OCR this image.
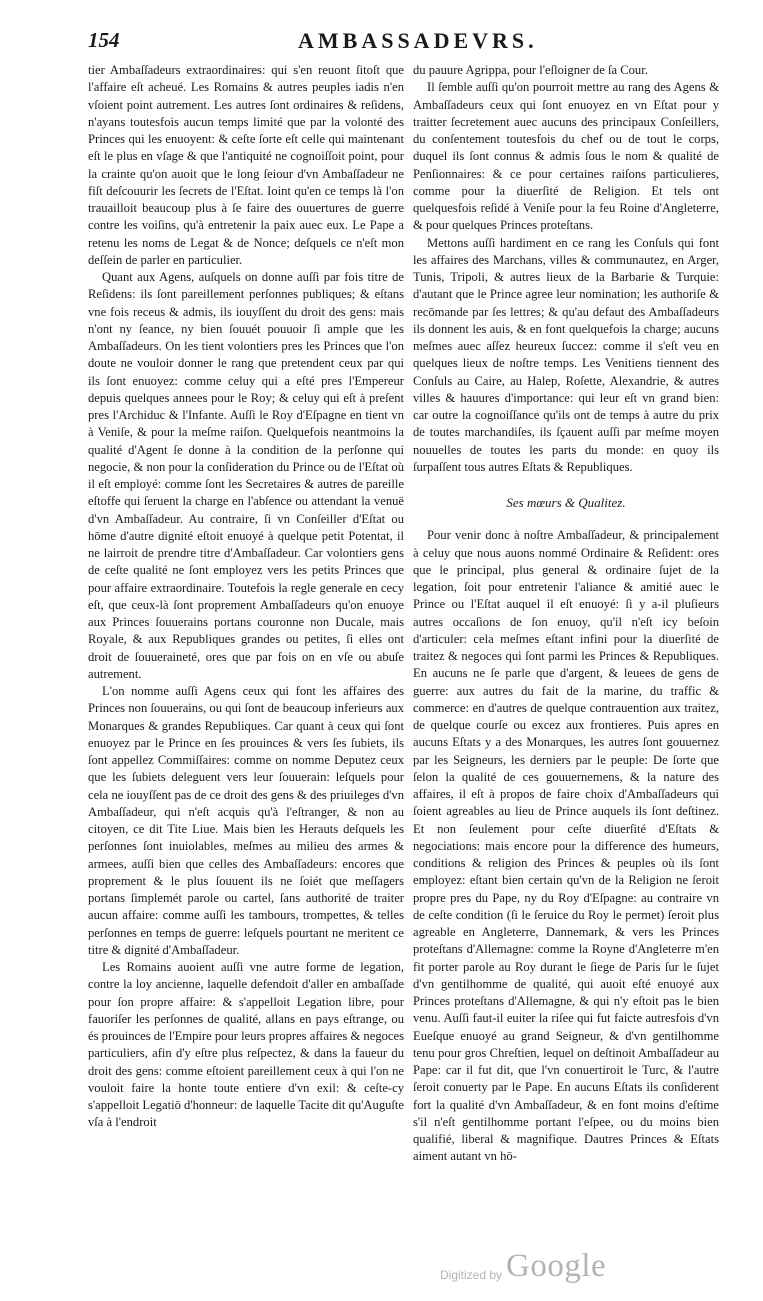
154	AMBASSADEVRS.

tier Ambaſſadeurs extraordinaires: qui s'en reuont ſitoſt que l'affaire eſt acheué. Les Romains & autres peuples iadis n'en vſoient point autrement. Les autres ſont ordinaires & reſidens, n'ayans toutesfois aucun temps limité que par la volonté des Princes qui les enuoyent: & ceſte ſorte eſt celle qui maintenant eſt le plus en vſage & que l'antiquité ne cognoiſſoit point, pour la crainte qu'on auoit que le long ſeiour d'vn Ambaſſadeur ne fiſt deſcouurir les ſecrets de l'Eſtat. Ioint qu'en ce temps là l'on trauailloit beaucoup plus à ſe faire des ouuertures de guerre contre les voiſins, qu'à entretenir la paix auec eux. Le Pape a retenu les noms de Legat & de Nonce; deſquels ce n'eſt mon deſſein de parler en particulier.

Quant aux Agens, auſquels on donne auſſi par fois titre de Reſidens: ils ſont pareillement perſonnes publiques; & eſtans vne fois receus & admis, ils iouyſſent du droit des gens: mais n'ont ny ſeance, ny bien ſouuét pouuoir ſi ample que les Ambaſſadeurs. On les tient volontiers pres les Princes que l'on doute ne vouloir donner le rang que pretendent ceux par qui ils ſont enuoyez: comme celuy qui a eſté pres l'Empereur depuis quelques annees pour le Roy; & celuy qui eſt à preſent pres l'Archiduc & l'Infante. Auſſi le Roy d'Eſpagne en tient vn à Veniſe, & pour la meſme raiſon. Quelquefois neantmoins la qualité d'Agent ſe donne à la condition de la perſonne qui negocie, & non pour la conſideration du Prince ou de l'Eſtat où il eſt employé: comme ſont les Secretaires & autres de pareille eſtoffe qui ſeruent la charge en l'abſence ou attendant la venuë d'vn Ambaſſadeur. Au contraire, ſi vn Conſeiller d'Eſtat ou hōme d'autre dignité eſtoit enuoyé à quelque petit Potentat, il ne lairroit de prendre titre d'Ambaſſadeur. Car volontiers gens de ceſte qualité ne ſont employez vers les petits Princes que pour affaire extraordinaire. Toutefois la regle generale en cecy eſt, que ceux-là ſont proprement Ambaſſadeurs qu'on enuoye aux Princes ſouuerains portans couronne non Ducale, mais Royale, & aux Republiques grandes ou petites, ſi elles ont droit de ſouueraineté, ores que par fois on en vſe ou abuſe autrement.

L'on nomme auſſi Agens ceux qui font les affaires des Princes non ſouuerains, ou qui ſont de beaucoup inferieurs aux Monarques & grandes Republiques. Car quant à ceux qui ſont enuoyez par le Prince en ſes prouinces & vers ſes ſubiets, ils ſont appellez Commiſſaires: comme on nomme Deputez ceux que les ſubiets deleguent vers leur ſouuerain: leſquels pour cela ne iouyſſent pas de ce droit des gens & des priuileges d'vn Ambaſſadeur, qui n'eſt acquis qu'à l'eſtranger, & non au citoyen, ce dit Tite Liue. Mais bien les Herauts deſquels les perſonnes ſont inuiolables, meſmes au milieu des armes & armees, auſſi bien que celles des Ambaſſadeurs: encores que proprement & le plus ſouuent ils ne ſoiét que meſſagers portans ſimplemét parole ou cartel, ſans authorité de traiter aucun affaire: comme auſſi les tambours, trompettes, & telles perſonnes en temps de guerre: leſquels pourtant ne meritent ce titre & dignité d'Ambaſſadeur.

Les Romains auoient auſſi vne autre forme de legation, contre la loy ancienne, laquelle defendoit d'aller en ambaſſade pour ſon propre affaire: & s'appelloit Legation libre, pour fauoriſer les perſonnes de qualité, allans en pays eſtrange, ou és prouinces de l'Empire pour leurs propres affaires & negoces particuliers, afin d'y eſtre plus reſpectez, & dans la faueur du droit des gens: comme eſtoient pareillement ceux à qui l'on ne vouloit faire la honte toute entiere d'vn exil: & ceſte-cy s'appelloit Legatiō d'honneur: de laquelle Tacite dit qu'Auguſte vſa à l'endroit

du pauure Agrippa, pour l'eſloigner de ſa Cour.

Il ſemble auſſi qu'on pourroit mettre au rang des Agens & Ambaſſadeurs ceux qui ſont enuoyez en vn Eſtat pour y traitter ſecretement auec aucuns des principaux Conſeillers, du conſentement toutesfois du chef ou de tout le corps, duquel ils ſont connus & admis ſous le nom & qualité de Penſionnaires: & ce pour certaines raiſons particulieres, comme pour la diuerſité de Religion. Et tels ont quelquesfois reſidé à Veniſe pour la feu Roine d'Angleterre, & pour quelques Princes proteſtans.

Mettons auſſi hardiment en ce rang les Conſuls qui font les affaires des Marchans, villes & communautez, en Arger, Tunis, Tripoli, & autres lieux de la Barbarie & Turquie: d'autant que le Prince agree leur nomination; les authoriſe & recōmande par ſes lettres; & qu'au defaut des Ambaſſadeurs ils donnent les auis, & en font quelquefois la charge; aucuns meſmes auec aſſez heureux ſuccez: comme il s'eſt veu en quelques lieux de noſtre temps. Les Venitiens tiennent des Conſuls au Caire, au Halep, Roſette, Alexandrie, & autres villes & hauures d'importance: qui leur eſt vn grand bien: car outre la cognoiſſance qu'ils ont de temps à autre du prix de toutes marchandiſes, ils ſçauent auſſi par meſme moyen nouuelles de toutes les parts du monde: en quoy ils ſurpaſſent tous autres Eſtats & Republiques.

Ses mœurs & Qualitez.

Pour venir donc à noſtre Ambaſſadeur, & principalement à celuy que nous auons nommé Ordinaire & Reſident: ores que le principal, plus general & ordinaire ſujet de la legation, ſoit pour entretenir l'aliance & amitié auec le Prince ou l'Eſtat auquel il eſt enuoyé: ſi y a-il pluſieurs autres occaſions de ſon enuoy, qu'il n'eſt icy beſoin d'articuler: cela meſmes eſtant infini pour la diuerſité de traitez & negoces qui ſont parmi les Princes & Republiques. En aucuns ne ſe parle que d'argent, & leuees de gens de guerre: aux autres du fait de la marine, du traffic & commerce: en d'autres de quelque contrauention aux traitez, de quelque courſe ou excez aux frontieres. Puis apres en aucuns Eſtats y a des Monarques, les autres ſont gouuernez par les Seigneurs, les derniers par le peuple: De ſorte que ſelon la qualité de ces gouuernemens, & la nature des affaires, il eſt à propos de faire choix d'Ambaſſadeurs qui ſoient agreables au lieu de Prince auquels ils ſont deſtinez. Et non ſeulement pour ceſte diuerſité d'Eſtats & negociations: mais encore pour la difference des humeurs, conditions & religion des Princes & peuples où ils ſont employez: eſtant bien certain qu'vn de la Religion ne ſeroit propre pres du Pape, ny du Roy d'Eſpagne: au contraire vn de ceſte condition (ſi le ſeruice du Roy le permet) ſeroit plus agreable en Angleterre, Dannemark, & vers les Princes proteſtans d'Allemagne: comme la Royne d'Angleterre m'en fit porter parole au Roy durant le ſiege de Paris ſur le ſujet d'vn gentilhomme de qualité, qui auoit eſté enuoyé aux Princes proteſtans d'Allemagne, & qui n'y eſtoit pas le bien venu. Auſſi faut-il euiter la riſee qui fut faicte autresfois d'vn Eueſque enuoyé au grand Seigneur, & d'vn gentilhomme tenu pour gros Chreſtien, lequel on deſtinoit Ambaſſadeur au Pape: car il fut dit, que l'vn conuertiroit le Turc, & l'autre ſeroit conuerty par le Pape. En aucuns Eſtats ils conſiderent fort la qualité d'vn Ambaſſadeur, & en font moins d'eſtime s'il n'eſt gentilhomme portant l'eſpee, ou du moins bien qualifié, liberal & magnifique. Dautres Princes & Eſtats aiment autant vn hō-

Digitized by Google
